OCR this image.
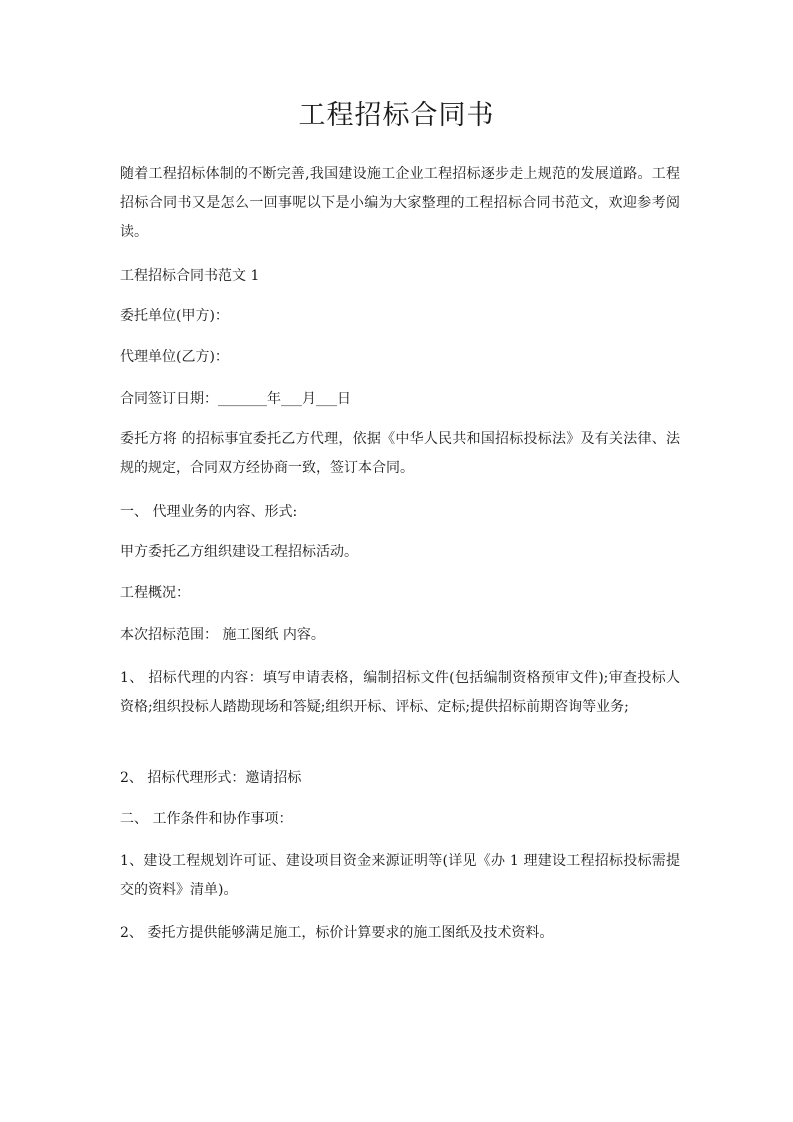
工程招标合同书

随着工程招标体制的不断完善,我国建设施工企业工程招标逐步走上规范的发展道路。工程招标合同书又是怎么一回事呢以下是小编为大家整理的工程招标合同书范文，欢迎参考阅读。

工程招标合同书范文 1

委托单位(甲方)：

代理单位(乙方)：

合同签订日期：_______年___月___日

委托方将 的招标事宜委托乙方代理，依据《中华人民共和国招标投标法》及有关法律、法规的规定，合同双方经协商一致，签订本合同。

一、 代理业务的内容、形式:

甲方委托乙方组织建设工程招标活动。

工程概况：

本次招标范围： 施工图纸 内容。

1、 招标代理的内容：填写申请表格，编制招标文件(包括编制资格预审文件);审查投标人资格;组织投标人踏勘现场和答疑;组织开标、评标、定标;提供招标前期咨询等业务;

2、 招标代理形式：邀请招标

二、 工作条件和协作事项：

1、建设工程规划许可证、建设项目资金来源证明等(详见《办 1 理建设工程招标投标需提交的资料》清单)。

2、 委托方提供能够满足施工，标价计算要求的施工图纸及技术资料。
